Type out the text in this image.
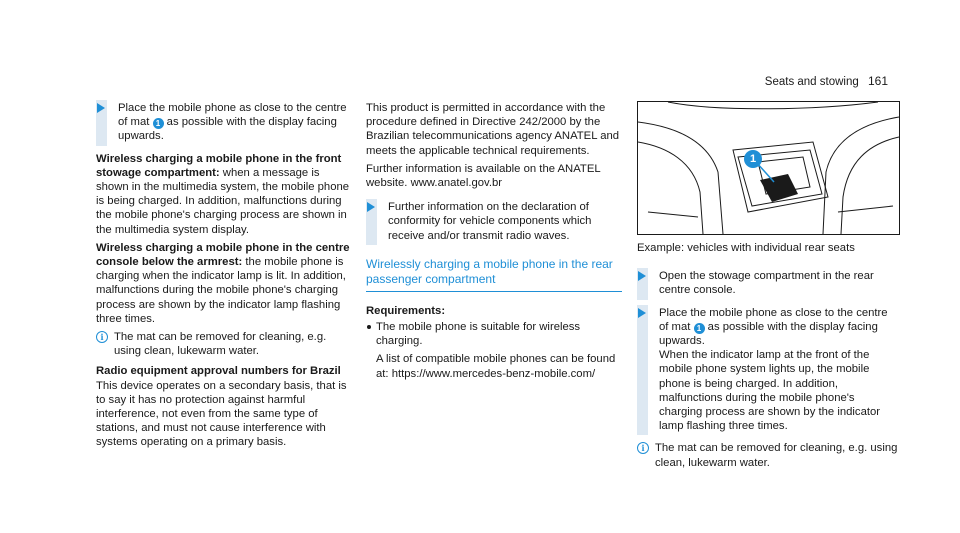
Seats and stowing 161
Place the mobile phone as close to the centre of mat 1 as possible with the display facing upwards.

Wireless charging a mobile phone in the front stowage compartment: when a message is shown in the multimedia system, the mobile phone is being charged. In addition, malfunctions during the mobile phone's charging process are shown in the multimedia system display.

Wireless charging a mobile phone in the centre console below the armrest: the mobile phone is charging when the indicator lamp is lit. In addition, malfunctions during the mobile phone's charging process are shown by the indicator lamp flashing three times.

i The mat can be removed for cleaning, e.g. using clean, lukewarm water.
Radio equipment approval numbers for Brazil

This device operates on a secondary basis, that is to say it has no protection against harmful interference, not even from the same type of stations, and must not cause interference with systems operating on a primary basis.

This product is permitted in accordance with the procedure defined in Directive 242/2000 by the Brazilian telecommunications agency ANATEL and meets the applicable technical requirements.

Further information is available on the ANATEL website. www.anatel.gov.br

Further information on the declaration of conformity for vehicle components which receive and/or transmit radio waves.
Wirelessly charging a mobile phone in the rear passenger compartment
Requirements:
The mobile phone is suitable for wireless charging.
A list of compatible mobile phones can be found at: https://www.mercedes-benz-mobile.com/
1
Example: vehicles with individual rear seats
Open the stowage compartment in the rear centre console.
Place the mobile phone as close to the centre of mat 1 as possible with the display facing upwards.
When the indicator lamp at the front of the mobile phone system lights up, the mobile phone is being charged. In addition, malfunctions during the mobile phone's charging process are shown by the indicator lamp flashing three times.
i The mat can be removed for cleaning, e.g. using clean, lukewarm water.
